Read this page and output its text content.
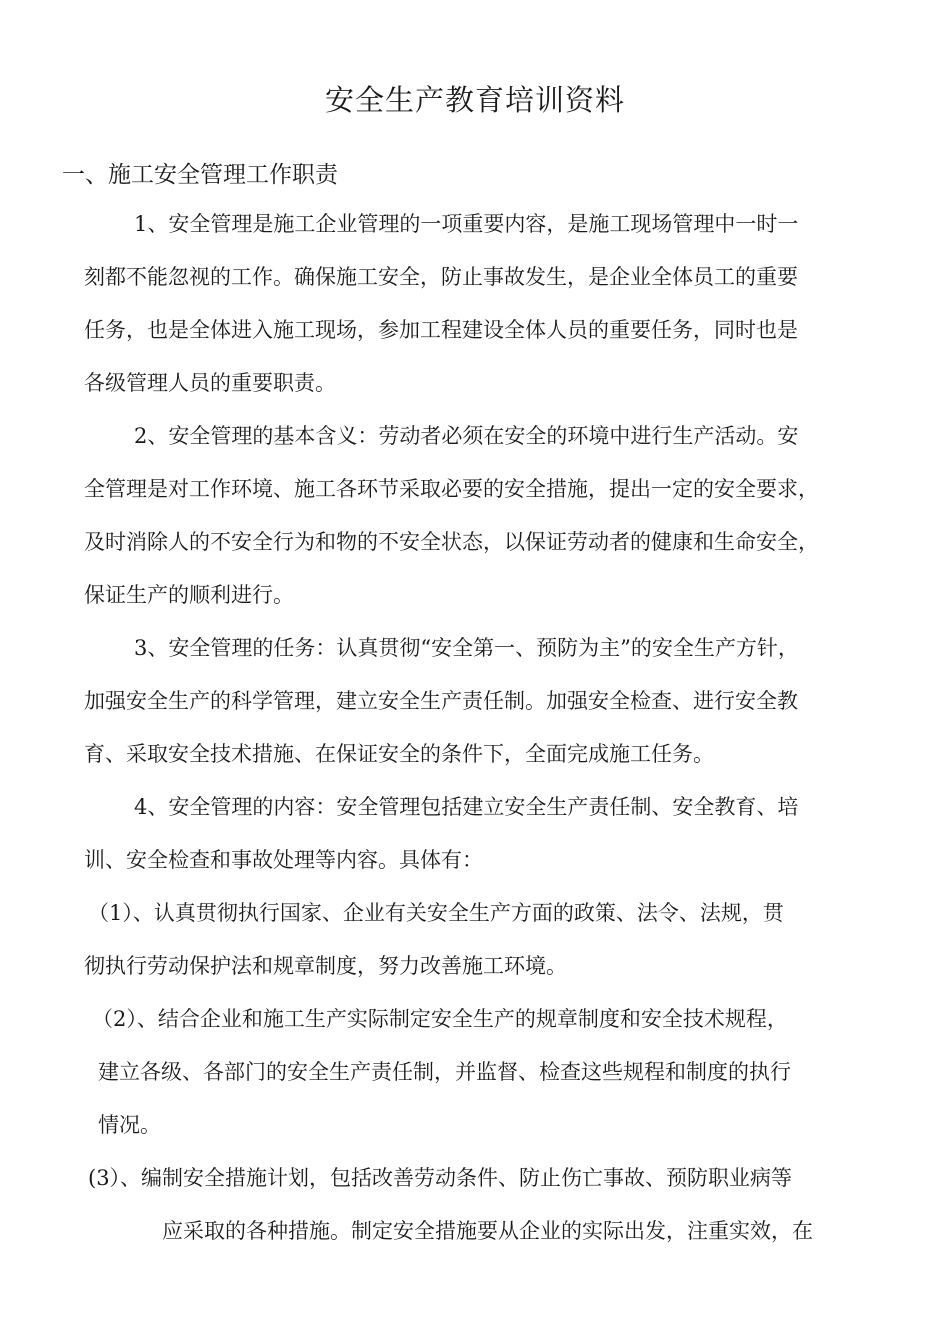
安全生产教育培训资料
一、施工安全管理工作职责
1、安全管理是施工企业管理的一项重要内容，是施工现场管理中一时一
刻都不能忽视的工作。确保施工安全，防止事故发生，是企业全体员工的重要
任务，也是全体进入施工现场，参加工程建设全体人员的重要任务，同时也是
各级管理人员的重要职责。
2、安全管理的基本含义：劳动者必须在安全的环境中进行生产活动。安
全管理是对工作环境、施工各环节采取必要的安全措施，提出一定的安全要求，
及时消除人的不安全行为和物的不安全状态，以保证劳动者的健康和生命安全，
保证生产的顺利进行。
3、安全管理的任务：认真贯彻“安全第一、预防为主”的安全生产方针，
加强安全生产的科学管理，建立安全生产责任制。加强安全检查、进行安全教
育、采取安全技术措施、在保证安全的条件下，全面完成施工任务。
4、安全管理的内容：安全管理包括建立安全生产责任制、安全教育、培
训、安全检查和事故处理等内容。具体有：
（1）、认真贯彻执行国家、企业有关安全生产方面的政策、法令、法规，贯
彻执行劳动保护法和规章制度，努力改善施工环境。
（2）、结合企业和施工生产实际制定安全生产的规章制度和安全技术规程，
建立各级、各部门的安全生产责任制，并监督、检查这些规程和制度的执行
情况。
(3）、编制安全措施计划，包括改善劳动条件、防止伤亡事故、预防职业病等
应采取的各种措施。制定安全措施要从企业的实际出发，注重实效，在
